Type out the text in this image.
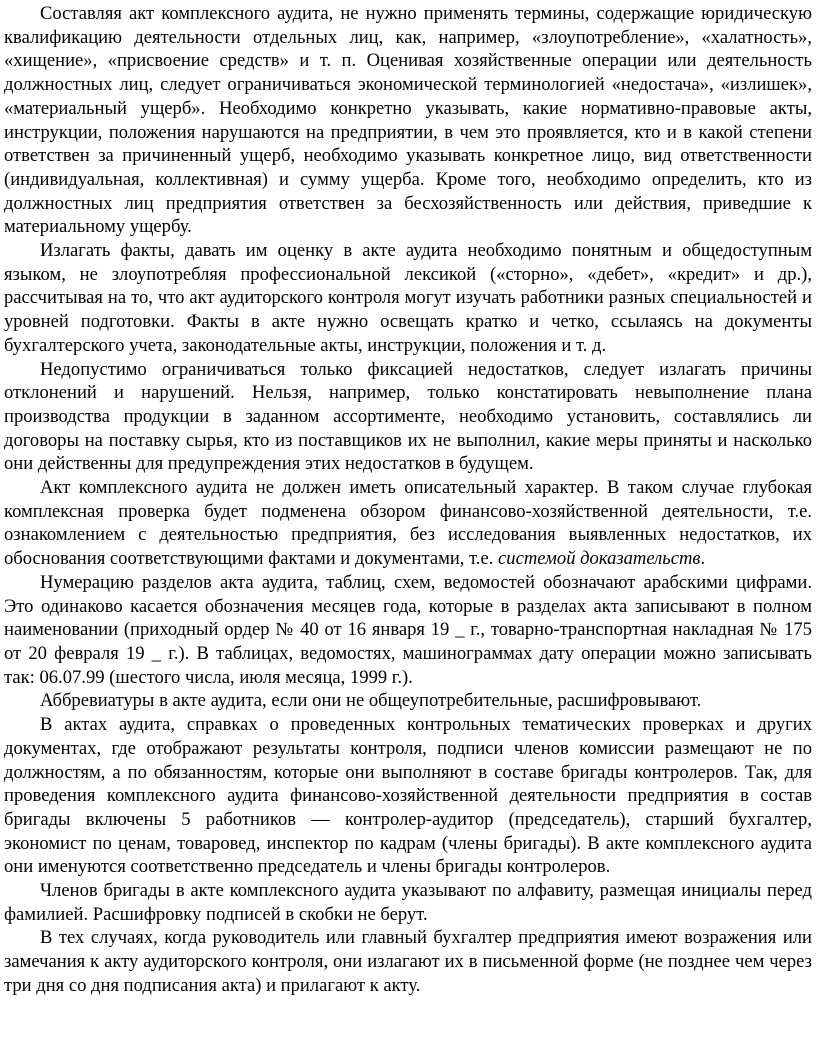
Составляя акт комплексного аудита, не нужно применять термины, содержащие юридическую квалификацию деятельности отдельных лиц, как, например, «злоупотребление», «халатность», «хищение», «присвоение средств» и т. п. Оценивая хозяйственные операции или деятельность должностных лиц, следует ограничиваться экономической терминологией «недостача», «излишек», «материальный ущерб». Необходимо конкретно указывать, какие нормативно-правовые акты, инструкции, положения нарушаются на предприятии, в чем это проявляется, кто и в какой степени ответствен за причиненный ущерб, необходимо указывать конкретное лицо, вид ответственности (индивидуальная, коллективная) и сумму ущерба. Кроме того, необходимо определить, кто из должностных лиц предприятия ответствен за бесхозяйственность или действия, приведшие к материальному ущербу.

Излагать факты, давать им оценку в акте аудита необходимо понятным и общедоступным языком, не злоупотребляя профессиональной лексикой («сторно», «дебет», «кредит» и др.), рассчитывая на то, что акт аудиторского контроля могут изучать работники разных специальностей и уровней подготовки. Факты в акте нужно освещать кратко и четко, ссылаясь на документы бухгалтерского учета, законодательные акты, инструкции, положения и т. д.

Недопустимо ограничиваться только фиксацией недостатков, следует излагать причины отклонений и нарушений. Нельзя, например, только констатировать невыполнение плана производства продукции в заданном ассортименте, необходимо установить, составлялись ли договоры на поставку сырья, кто из поставщиков их не выполнил, какие меры приняты и насколько они действенны для предупреждения этих недостатков в будущем.

Акт комплексного аудита не должен иметь описательный характер. В таком случае глубокая комплексная проверка будет подменена обзором финансово-хозяйственной деятельности, т.е. ознакомлением с деятельностью предприятия, без исследования выявленных недостатков, их обоснования соответствующими фактами и документами, т.е. системой доказательств.

Нумерацию разделов акта аудита, таблиц, схем, ведомостей обозначают арабскими цифрами. Это одинаково касается обозначения месяцев года, которые в разделах акта записывают в полном наименовании (приходный ордер № 40 от 16 января 19 _ г., товарно-транспортная накладная № 175 от 20 февраля 19 _ г.). В таблицах, ведомостях, машинограммах дату операции можно записывать так: 06.07.99 (шестого числа, июля месяца, 1999 г.).

Аббревиатуры в акте аудита, если они не общеупотребительные, расшифровывают.

В актах аудита, справках о проведенных контрольных тематических проверках и других документах, где отображают результаты контроля, подписи членов комиссии размещают не по должностям, а по обязанностям, которые они выполняют в составе бригады контролеров. Так, для проведения комплексного аудита финансово-хозяйственной деятельности предприятия в состав бригады включены 5 работников — контролер-аудитор (председатель), старший бухгалтер, экономист по ценам, товаровед, инспектор по кадрам (члены бригады). В акте комплексного аудита они именуются соответственно председатель и члены бригады контролеров.

Членов бригады в акте комплексного аудита указывают по алфавиту, размещая инициалы перед фамилией. Расшифровку подписей в скобки не берут.

В тех случаях, когда руководитель или главный бухгалтер предприятия имеют возражения или замечания к акту аудиторского контроля, они излагают их в письменной форме (не позднее чем через три дня со дня подписания акта) и прилагают к акту.
